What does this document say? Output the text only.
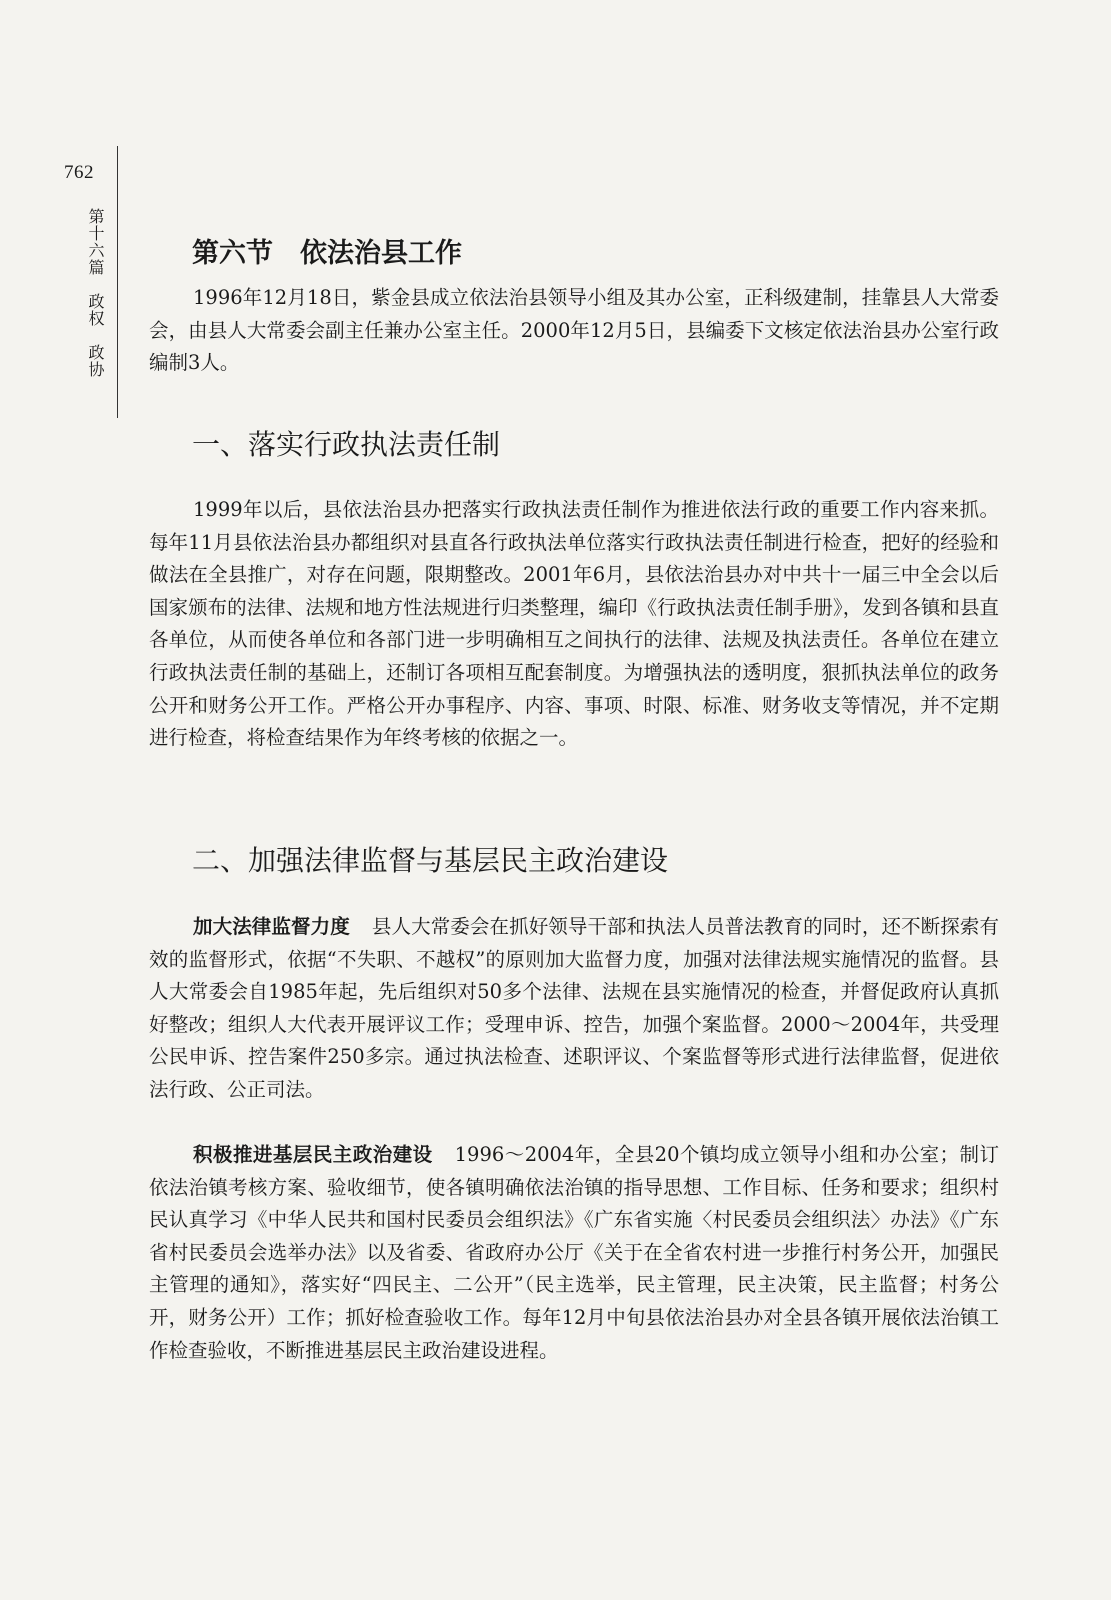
762
第十六篇　政权　政协	第六节　依法治县工作

1996年12月18日，紫金县成立依法治县领导小组及其办公室，正科级建制，挂靠县人大常委会，由县人大常委会副主任兼办公室主任。2000年12月5日，县编委下文核定依法治县办公室行政编制3人。

一、落实行政执法责任制

1999年以后，县依法治县办把落实行政执法责任制作为推进依法行政的重要工作内容来抓。每年11月县依法治县办都组织对县直各行政执法单位落实行政执法责任制进行检查，把好的经验和做法在全县推广，对存在问题，限期整改。2001年6月，县依法治县办对中共十一届三中全会以后国家颁布的法律、法规和地方性法规进行归类整理，编印《行政执法责任制手册》，发到各镇和县直各单位，从而使各单位和各部门进一步明确相互之间执行的法律、法规及执法责任。各单位在建立行政执法责任制的基础上，还制订各项相互配套制度。为增强执法的透明度，狠抓执法单位的政务公开和财务公开工作。严格公开办事程序、内容、事项、时限、标准、财务收支等情况，并不定期进行检查，将检查结果作为年终考核的依据之一。

二、加强法律监督与基层民主政治建设

加大法律监督力度 县人大常委会在抓好领导干部和执法人员普法教育的同时，还不断探索有效的监督形式，依据“不失职、不越权”的原则加大监督力度，加强对法律法规实施情况的监督。县人大常委会自1985年起，先后组织对50多个法律、法规在县实施情况的检查，并督促政府认真抓好整改；组织人大代表开展评议工作；受理申诉、控告，加强个案监督。2000～2004年，共受理公民申诉、控告案件250多宗。通过执法检查、述职评议、个案监督等形式进行法律监督，促进依法行政、公正司法。

积极推进基层民主政治建设 1996～2004年，全县20个镇均成立领导小组和办公室；制订依法治镇考核方案、验收细节，使各镇明确依法治镇的指导思想、工作目标、任务和要求；组织村民认真学习《中华人民共和国村民委员会组织法》《广东省实施〈村民委员会组织法〉办法》《广东省村民委员会选举办法》以及省委、省政府办公厅《关于在全省农村进一步推行村务公开，加强民主管理的通知》，落实好“四民主、二公开”（民主选举，民主管理，民主决策，民主监督；村务公开，财务公开）工作；抓好检查验收工作。每年12月中旬县依法治县办对全县各镇开展依法治镇工作检查验收，不断推进基层民主政治建设进程。
